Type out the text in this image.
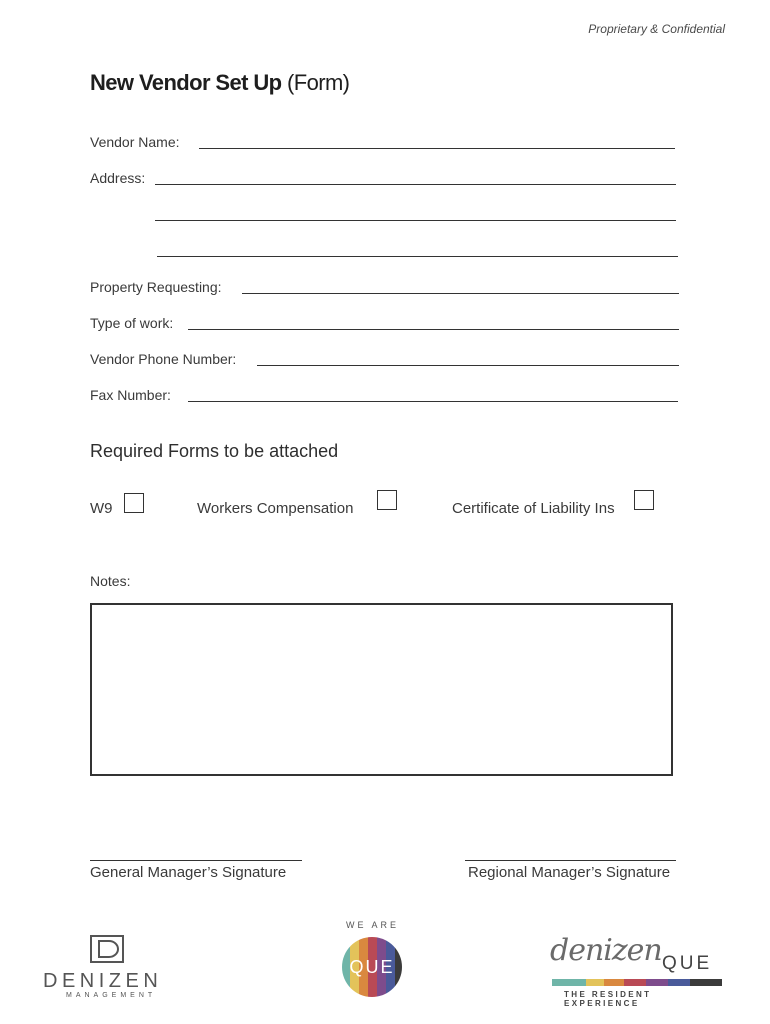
Proprietary & Confidential
New Vendor Set Up (Form)
Vendor Name:
Address:
Property Requesting:
Type of work:
Vendor Phone Number:
Fax Number:
Required Forms to be attached
W9	Workers Compensation	Certificate of Liability Ins
Notes:
General Manager’s Signature	Regional Manager’s Signature
DENIZEN
MANAGEMENT
WE ARE
QUE	denizen QUE
THE RESIDENT EXPERIENCE
